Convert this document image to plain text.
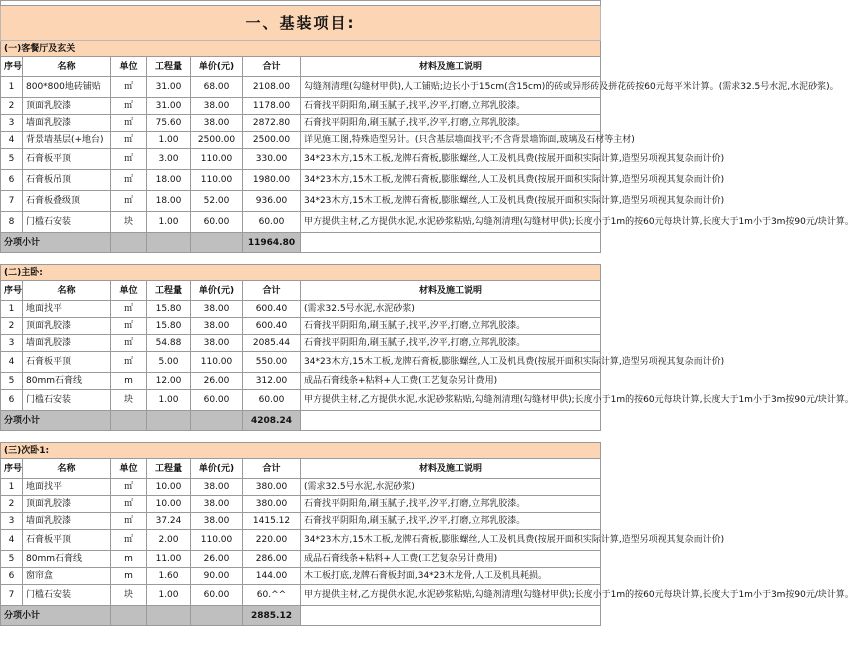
一、基装项目:						
(一)客餐厅及玄关						
序号	名称	单位	工程量	单价(元)	合计	材料及施工说明
1	800*800地砖铺贴	㎡	31.00	68.00	2108.00	勾缝剂清理(勾缝材甲供),人工铺贴;边长小于15cm(含15cm)的砖或异形砖及拼花砖按60元每平米计算。(需求32.5号水泥,水泥砂浆)。
2	顶面乳胶漆	㎡	31.00	38.00	1178.00	石膏找平阴阳角,刷玉腻子,找平,汐平,打磨,立邦乳胶漆。
3	墙面乳胶漆	㎡	75.60	38.00	2872.80	石膏找平阴阳角,刷玉腻子,找平,汐平,打磨,立邦乳胶漆。
4	背景墙基层(+地台)	㎡	1.00	2500.00	2500.00	详见施工图,特殊造型另计。(只含基层墙面找平;不含背景墙饰面,玻璃及石材等主材)
5	石膏板平顶	㎡	3.00	110.00	330.00	34*23木方,15木工板,龙牌石膏板,膨胀螺丝,人工及机具费(按展开面积实际计算,造型另项视其复杂而计价)
6	石膏板吊顶	㎡	18.00	110.00	1980.00	34*23木方,15木工板,龙牌石膏板,膨胀螺丝,人工及机具费(按展开面积实际计算,造型另项视其复杂而计价)
7	石膏板叠级顶	㎡	18.00	52.00	936.00	34*23木方,15木工板,龙牌石膏板,膨胀螺丝,人工及机具费(按展开面积实际计算,造型另项视其复杂而计价)
8	门槛石安装	块	1.00	60.00	60.00	甲方提供主材,乙方提供水泥,水泥砂浆粘贴,勾缝剂清理(勾缝材甲供);长度小于1m的按60元每块计算,长度大于1m小于3m按90元/块计算。
分项小计					11964.80	

(二)主卧:						
序号	名称	单位	工程量	单价(元)	合计	材料及施工说明
1	地面找平	㎡	15.80	38.00	600.40	(需求32.5号水泥,水泥砂浆)
2	顶面乳胶漆	㎡	15.80	38.00	600.40	石膏找平阴阳角,刷玉腻子,找平,汐平,打磨,立邦乳胶漆。
3	墙面乳胶漆	㎡	54.88	38.00	2085.44	石膏找平阴阳角,刷玉腻子,找平,汐平,打磨,立邦乳胶漆。
4	石膏板平顶	㎡	5.00	110.00	550.00	34*23木方,15木工板,龙牌石膏板,膨胀螺丝,人工及机具费(按展开面积实际计算,造型另项视其复杂而计价)
5	80mm石膏线	m	12.00	26.00	312.00	成品石膏线条+粘料+人工费(工艺复杂另计费用)
6	门槛石安装	块	1.00	60.00	60.00	甲方提供主材,乙方提供水泥,水泥砂浆粘贴,勾缝剂清理(勾缝材甲供);长度小于1m的按60元每块计算,长度大于1m小于3m按90元/块计算。
分项小计					4208.24	

(三)次卧1:						
序号	名称	单位	工程量	单价(元)	合计	材料及施工说明
1	地面找平	㎡	10.00	38.00	380.00	(需求32.5号水泥,水泥砂浆)
2	顶面乳胶漆	㎡	10.00	38.00	380.00	石膏找平阴阳角,刷玉腻子,找平,汐平,打磨,立邦乳胶漆。
3	墙面乳胶漆	㎡	37.24	38.00	1415.12	石膏找平阴阳角,刷玉腻子,找平,汐平,打磨,立邦乳胶漆。
4	石膏板平顶	㎡	2.00	110.00	220.00	34*23木方,15木工板,龙牌石膏板,膨胀螺丝,人工及机具费(按展开面积实际计算,造型另项视其复杂而计价)
5	80mm石膏线	m	11.00	26.00	286.00	成品石膏线条+粘料+人工费(工艺复杂另计费用)
6	窗帘盒	m	1.60	90.00	144.00	木工板打底,龙牌石膏板封面,34*23木龙骨,人工及机具耗损。
7	门槛石安装	块	1.00	60.00	60.^^	甲方提供主材,乙方提供水泥,水泥砂浆粘贴,勾缝剂清理(勾缝材甲供);长度小于1m的按60元每块计算,长度大于1m小于3m按90元/块计算。
分项小计					2885.12	
